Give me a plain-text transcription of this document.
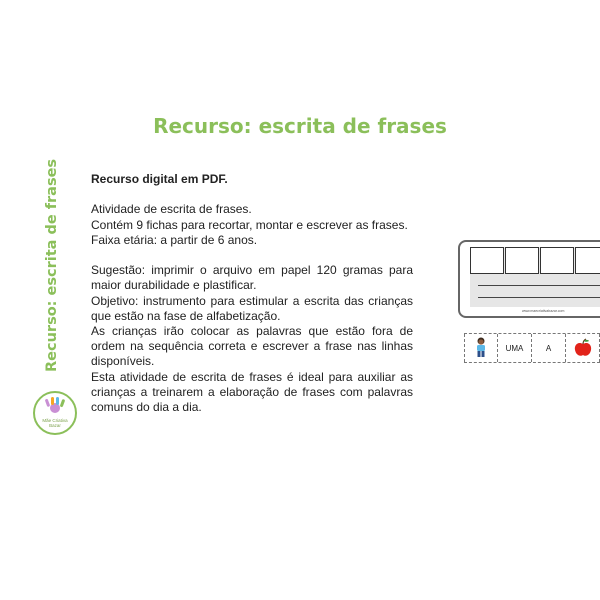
Recurso: escrita de frases
Recurso: escrita de frases
Mãe Criativa
Bazar

Recurso digital em PDF.

Atividade de escrita de frases.

Contém 9 fichas para recortar, montar e escrever as frases.

Faixa etária: a partir de 6 anos.

Sugestão: imprimir o arquivo em papel 120 gramas para maior durabilidade e plastificar.

Objetivo: instrumento para estimular a escrita das crianças que estão na fase de alfabetização.

As crianças irão colocar as palavras que estão fora de ordem na sequência correta e escrever a frase nas linhas disponíveis.

Esta atividade de escrita de frases é ideal para auxiliar as crianças a treinarem a elaboração de frases com palavras comuns do dia a dia.

www.maecriativabazar.com
UMA	A
